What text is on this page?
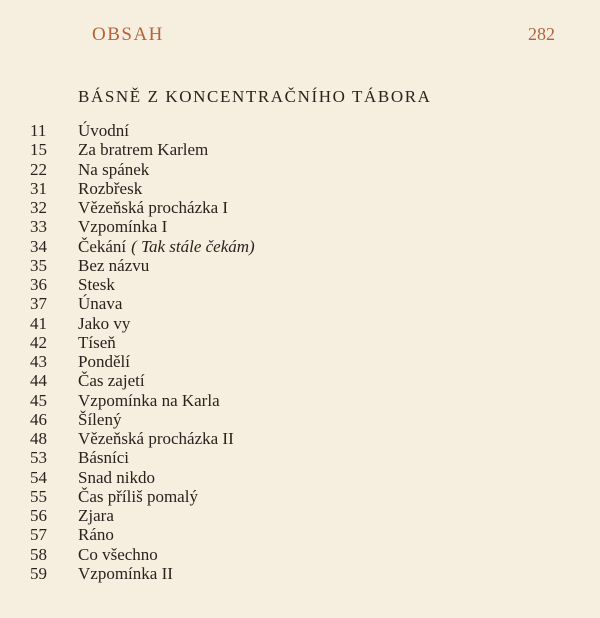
OBSAH	282
BÁSNĚ Z KONCENTRAČNÍHO TÁBORA
11 Úvodní
15 Za bratrem Karlem
22 Na spánek
31 Rozbřesk
32 Vězeňská procházka I
33 Vzpomínka I
34 Čekání ( Tak stále čekám)
35 Bez názvu
36 Stesk
37 Únava
41 Jako vy
42 Tíseň
43 Pondělí
44 Čas zajetí
45 Vzpomínka na Karla
46 Šílený
48 Vězeňská procházka II
53 Básníci
54 Snad nikdo
55 Čas příliš pomalý
56 Zjara
57 Ráno
58 Co všechno
59 Vzpomínka II
